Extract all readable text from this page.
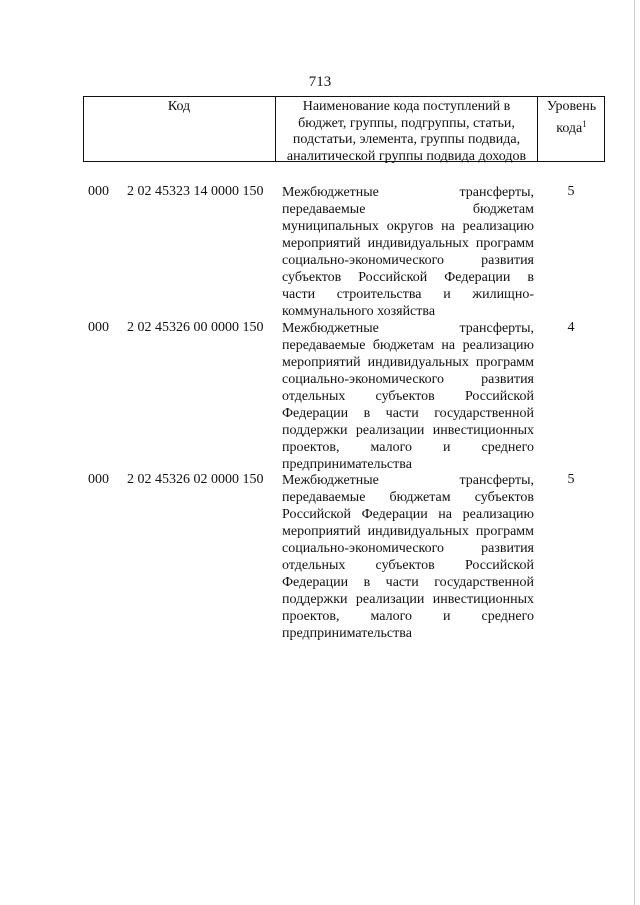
713
Код	Наименование кода поступлений в
бюджет, группы, подгруппы, статьи,
подстатьи, элемента, группы подвида,
аналитической группы подвида доходов
Уровень
кода$^1$
000 2 02 45323 14 0000 150 Межбюджетные трансферты,
передаваемые бюджетам
муниципальных округов на реализацию
мероприятий индивидуальных программ
социально-экономического развития
субъектов Российской Федерации в
части строительства и жилищно-
коммунального хозяйства
5
000 2 02 45326 00 0000 150 Межбюджетные трансферты,
передаваемые бюджетам на реализацию
мероприятий индивидуальных программ
социально-экономического развития
отдельных субъектов Российской
Федерации в части государственной
поддержки реализации инвестиционных
проектов, малого и среднего
предпринимательства
4
000 2 02 45326 02 0000 150 Межбюджетные трансферты,
передаваемые бюджетам субъектов
Российской Федерации на реализацию
мероприятий индивидуальных программ
социально-экономического развития
отдельных субъектов Российской
Федерации в части государственной
поддержки реализации инвестиционных
проектов, малого и среднего
предпринимательства
5
